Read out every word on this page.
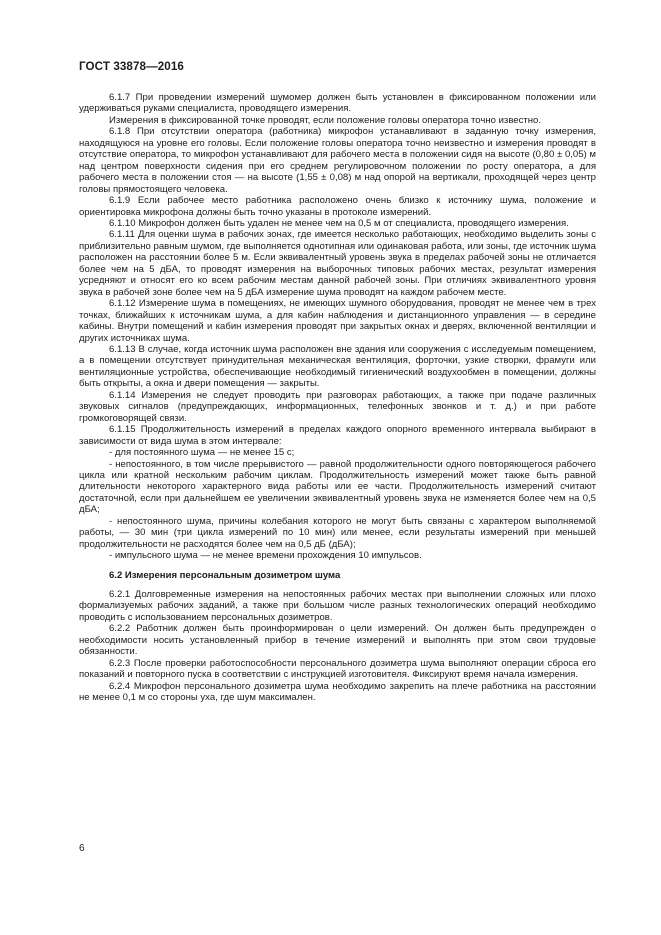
ГОСТ 33878—2016

6.1.7 При проведении измерений шумомер должен быть установлен в фиксированном положении или удерживаться руками специалиста, проводящего измерения.

Измерения в фиксированной точке проводят, если положение головы оператора точно известно.

6.1.8 При отсутствии оператора (работника) микрофон устанавливают в заданную точку измерения, находящуюся на уровне его головы. Если положение головы оператора точно неизвестно и измерения проводят в отсутствие оператора, то микрофон устанавливают для рабочего места в положении сидя на высоте (0,80 ± 0,05) м над центром поверхности сидения при его среднем регулировочном положении по росту оператора, а для рабочего места в положении стоя — на высоте (1,55 ± 0,08) м над опорой на вертикали, проходящей через центр головы прямостоящего человека.

6.1.9 Если рабочее место работника расположено очень близко к источнику шума, положение и ориентировка микрофона должны быть точно указаны в протоколе измерений.

6.1.10 Микрофон должен быть удален не менее чем на 0,5 м от специалиста, проводящего измерения.

6.1.11 Для оценки шума в рабочих зонах, где имеется несколько работающих, необходимо выделить зоны с приблизительно равным шумом, где выполняется однотипная или одинаковая работа, или зоны, где источник шума расположен на расстоянии более 5 м. Если эквивалентный уровень звука в пределах рабочей зоны не отличается более чем на 5 дБА, то проводят измерения на выборочных типовых рабочих местах, результат измерения усредняют и относят его ко всем рабочим местам данной рабочей зоны. При отличиях эквивалентного уровня звука в рабочей зоне более чем на 5 дБА измерение шума проводят на каждом рабочем месте.

6.1.12 Измерение шума в помещениях, не имеющих шумного оборудования, проводят не менее чем в трех точках, ближайших к источникам шума, а для кабин наблюдения и дистанционного управления — в середине кабины. Внутри помещений и кабин измерения проводят при закрытых окнах и дверях, включенной вентиляции и других источниках шума.

6.1.13 В случае, когда источник шума расположен вне здания или сооружения с исследуемым помещением, а в помещении отсутствует принудительная механическая вентиляция, форточки, узкие створки, фрамуги или вентиляционные устройства, обеспечивающие необходимый гигиенический воздухообмен в помещении, должны быть открыты, а окна и двери помещения — закрыты.

6.1.14 Измерения не следует проводить при разговорах работающих, а также при подаче различных звуковых сигналов (предупреждающих, информационных, телефонных звонков и т. д.) и при работе громкоговорящей связи.

6.1.15 Продолжительность измерений в пределах каждого опорного временного интервала выбирают в зависимости от вида шума в этом интервале:

- для постоянного шума — не менее 15 с;

- непостоянного, в том числе прерывистого — равной продолжительности одного повторяющегося рабочего цикла или кратной нескольким рабочим циклам. Продолжительность измерений может также быть равной длительности некоторого характерного вида работы или ее части. Продолжительность измерений считают достаточной, если при дальнейшем ее увеличении эквивалентный уровень звука не изменяется более чем на 0,5 дБА;

- непостоянного шума, причины колебания которого не могут быть связаны с характером выполняемой работы, — 30 мин (три цикла измерений по 10 мин) или менее, если результаты измерений при меньшей продолжительности не расходятся более чем на 0,5 дБ (дБА);

- импульсного шума — не менее времени прохождения 10 импульсов.

6.2 Измерения персональным дозиметром шума

6.2.1 Долговременные измерения на непостоянных рабочих местах при выполнении сложных или плохо формализуемых рабочих заданий, а также при большом числе разных технологических операций необходимо проводить с использованием персональных дозиметров.

6.2.2 Работник должен быть проинформирован о цели измерений. Он должен быть предупрежден о необходимости носить установленный прибор в течение измерений и выполнять при этом свои трудовые обязанности.

6.2.3 После проверки работоспособности персонального дозиметра шума выполняют операции сброса его показаний и повторного пуска в соответствии с инструкцией изготовителя. Фиксируют время начала измерения.

6.2.4 Микрофон персонального дозиметра шума необходимо закрепить на плече работника на расстоянии не менее 0,1 м со стороны уха, где шум максимален.

6
